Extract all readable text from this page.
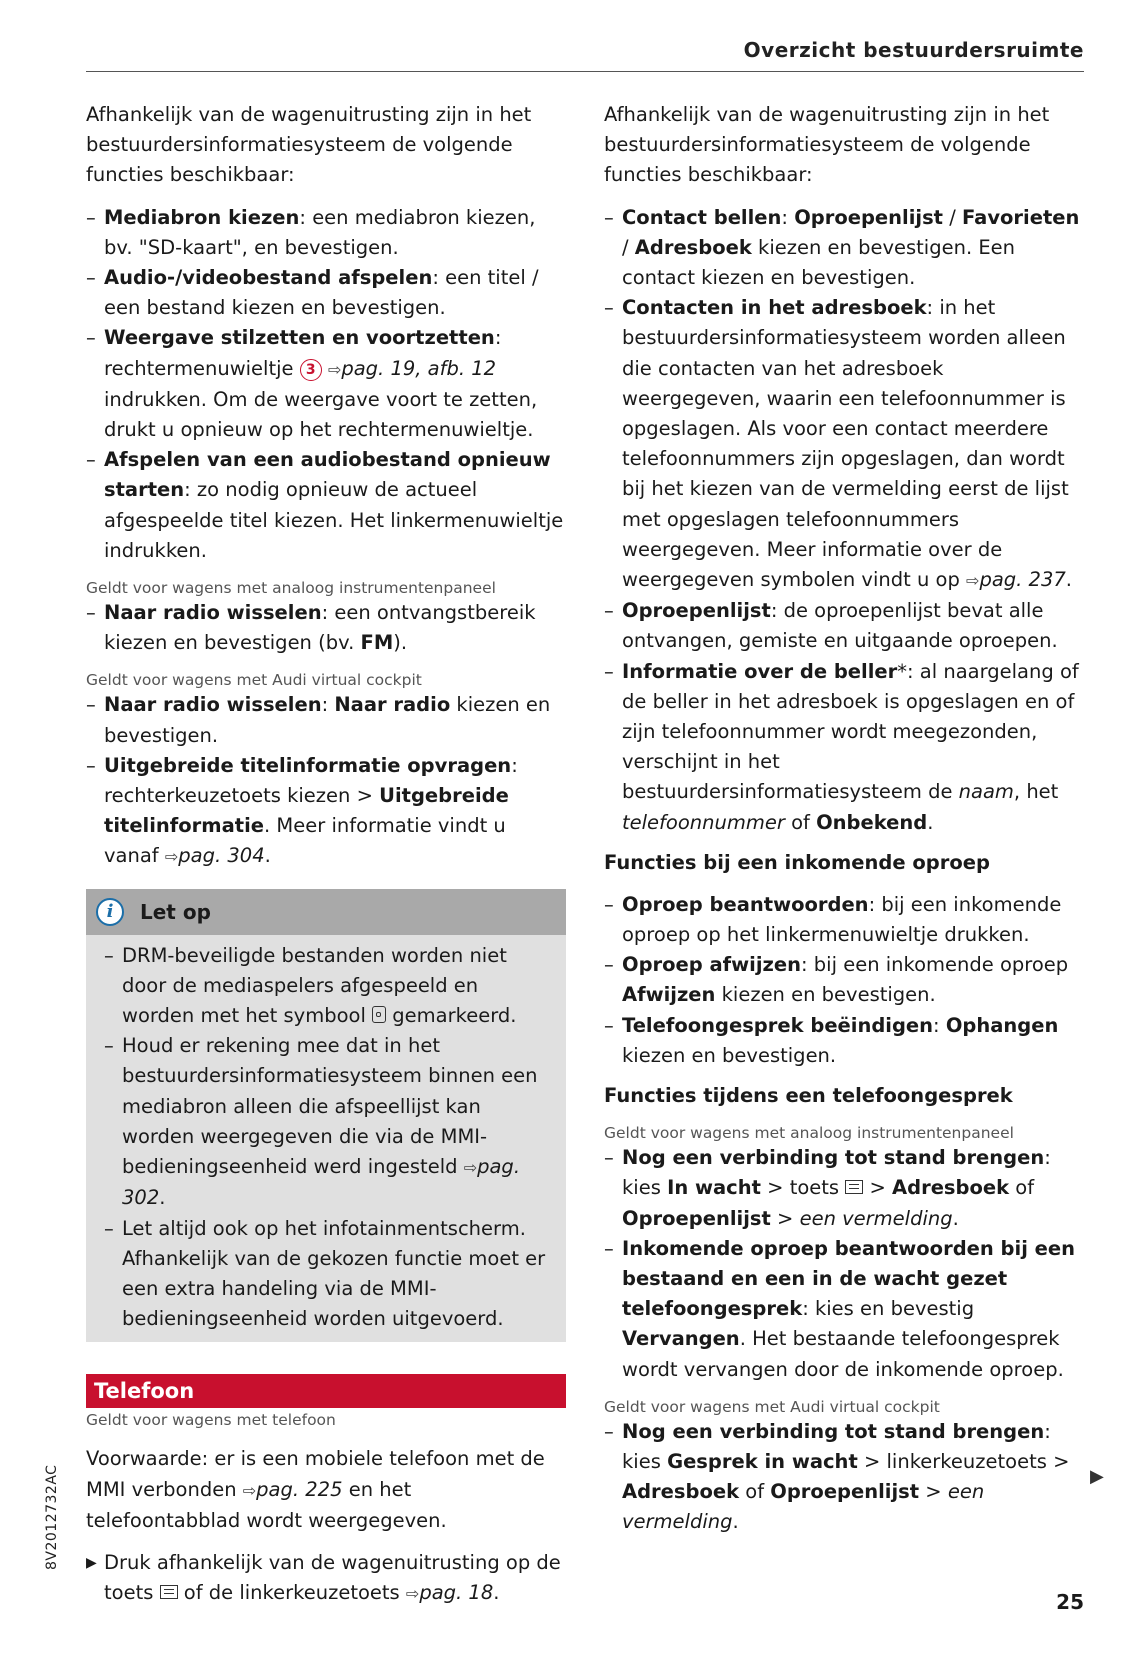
Overzicht bestuurdersruimte

Afhankelijk van de wagenuitrusting zijn in het bestuurdersinformatiesysteem de volgende functies beschikbaar:

– Mediabron kiezen: een mediabron kiezen, bv. "SD-kaart", en bevestigen.
– Audio-/videobestand afspelen: een titel / een bestand kiezen en bevestigen.
– Weergave stilzetten en voortzetten: rechtermenuwieltje 3 ⇨pag. 19, afb. 12 indrukken. Om de weergave voort te zetten, drukt u opnieuw op het rechtermenuwieltje.
– Afspelen van een audiobestand opnieuw starten: zo nodig opnieuw de actueel afgespeelde titel kiezen. Het linkermenuwieltje indrukken.
Geldt voor wagens met analoog instrumentenpaneel
– Naar radio wisselen: een ontvangstbereik kiezen en bevestigen (bv. FM).
Geldt voor wagens met Audi virtual cockpit
– Naar radio wisselen: Naar radio kiezen en bevestigen.
– Uitgebreide titelinformatie opvragen: rechterkeuzetoets kiezen > Uitgebreide titelinformatie. Meer informatie vindt u vanaf ⇨pag. 304.
i	Let op
– DRM-beveiligde bestanden worden niet door de mediaspelers afgespeeld en worden met het symbool  gemarkeerd.
– Houd er rekening mee dat in het bestuurdersinformatiesysteem binnen een mediabron alleen die afspeellijst kan worden weergegeven die via de MMI-bedieningseenheid werd ingesteld ⇨pag. 302.
– Let altijd ook op het infotainmentscherm. Afhankelijk van de gekozen functie moet er een extra handeling via de MMI-bedieningseenheid worden uitgevoerd.
Telefoon
Geldt voor wagens met telefoon

Voorwaarde: er is een mobiele telefoon met de MMI verbonden ⇨pag. 225 en het telefoontabblad wordt weergegeven.

▶ Druk afhankelijk van de wagenuitrusting op de toets  of de linkerkeuzetoets ⇨pag. 18.

Afhankelijk van de wagenuitrusting zijn in het bestuurdersinformatiesysteem de volgende functies beschikbaar:

– Contact bellen: Oproepenlijst / Favorieten / Adresboek kiezen en bevestigen. Een contact kiezen en bevestigen.
– Contacten in het adresboek: in het bestuurdersinformatiesysteem worden alleen die contacten van het adresboek weergegeven, waarin een telefoonnummer is opgeslagen. Als voor een contact meerdere telefoonnummers zijn opgeslagen, dan wordt bij het kiezen van de vermelding eerst de lijst met opgeslagen telefoonnummers weergegeven. Meer informatie over de weergegeven symbolen vindt u op ⇨pag. 237.
– Oproepenlijst: de oproepenlijst bevat alle ontvangen, gemiste en uitgaande oproepen.
– Informatie over de beller*: al naargelang of de beller in het adresboek is opgeslagen en of zijn telefoonnummer wordt meegezonden, verschijnt in het bestuurdersinformatiesysteem de naam, het telefoonnummer of Onbekend.
Functies bij een inkomende oproep
– Oproep beantwoorden: bij een inkomende oproep op het linkermenuwieltje drukken.
– Oproep afwijzen: bij een inkomende oproep Afwijzen kiezen en bevestigen.
– Telefoongesprek beëindigen: Ophangen kiezen en bevestigen.
Functies tijdens een telefoongesprek
Geldt voor wagens met analoog instrumentenpaneel
– Nog een verbinding tot stand brengen: kies In wacht > toets  > Adresboek of Oproepenlijst > een vermelding.
– Inkomende oproep beantwoorden bij een bestaand en een in de wacht gezet telefoongesprek: kies en bevestig Vervangen. Het bestaande telefoongesprek wordt vervangen door de inkomende oproep.
Geldt voor wagens met Audi virtual cockpit
– Nog een verbinding tot stand brengen: kies Gesprek in wacht > linkerkeuzetoets > Adresboek of Oproepenlijst > een vermelding.
▶
8V2012732AC
25
